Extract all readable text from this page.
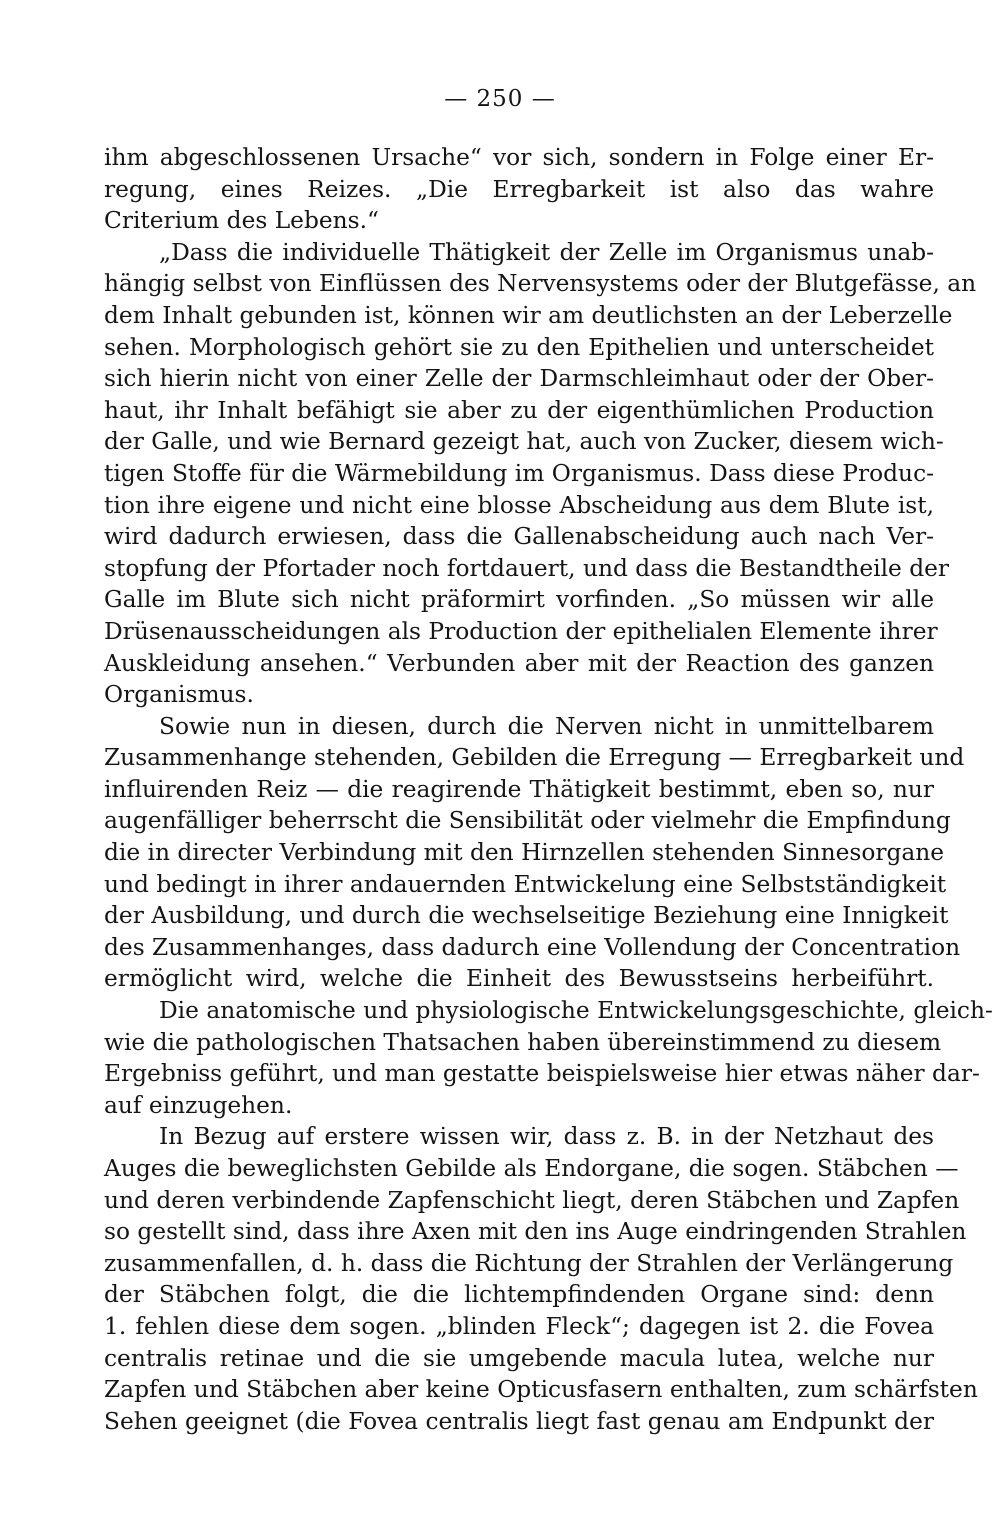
— 250 —
ihm abgeschlossenen Ursache“ vor sich, sondern in Folge einer Er-
regung, eines Reizes. „Die Erregbarkeit ist also das wahre
Criterium des Lebens.“
„Dass die individuelle Thätigkeit der Zelle im Organismus unab-
hängig selbst von Einflüssen des Nervensystems oder der Blutgefässe, an
dem Inhalt gebunden ist, können wir am deutlichsten an der Leberzelle
sehen. Morphologisch gehört sie zu den Epithelien und unterscheidet
sich hierin nicht von einer Zelle der Darmschleimhaut oder der Ober-
haut, ihr Inhalt befähigt sie aber zu der eigenthümlichen Production
der Galle, und wie Bernard gezeigt hat, auch von Zucker, diesem wich-
tigen Stoffe für die Wärmebildung im Organismus. Dass diese Produc-
tion ihre eigene und nicht eine blosse Abscheidung aus dem Blute ist,
wird dadurch erwiesen, dass die Gallenabscheidung auch nach Ver-
stopfung der Pfortader noch fortdauert, und dass die Bestandtheile der
Galle im Blute sich nicht präformirt vorfinden. „So müssen wir alle
Drüsenausscheidungen als Production der epithelialen Elemente ihrer
Auskleidung ansehen.“ Verbunden aber mit der Reaction des ganzen
Organismus.
Sowie nun in diesen, durch die Nerven nicht in unmittelbarem
Zusammenhange stehenden, Gebilden die Erregung — Erregbarkeit und
influirenden Reiz — die reagirende Thätigkeit bestimmt, eben so, nur
augenfälliger beherrscht die Sensibilität oder vielmehr die Empfindung
die in directer Verbindung mit den Hirnzellen stehenden Sinnesorgane
und bedingt in ihrer andauernden Entwickelung eine Selbstständigkeit
der Ausbildung, und durch die wechselseitige Beziehung eine Innigkeit
des Zusammenhanges, dass dadurch eine Vollendung der Concentration
ermöglicht wird, welche die Einheit des Bewusstseins herbeiführt.
Die anatomische und physiologische Entwickelungsgeschichte, gleich-
wie die pathologischen Thatsachen haben übereinstimmend zu diesem
Ergebniss geführt, und man gestatte beispielsweise hier etwas näher dar-
auf einzugehen.
In Bezug auf erstere wissen wir, dass z. B. in der Netzhaut des
Auges die beweglichsten Gebilde als Endorgane, die sogen. Stäbchen —
und deren verbindende Zapfenschicht liegt, deren Stäbchen und Zapfen
so gestellt sind, dass ihre Axen mit den ins Auge eindringenden Strahlen
zusammenfallen, d. h. dass die Richtung der Strahlen der Verlängerung
der Stäbchen folgt, die die lichtempfindenden Organe sind: denn
1. fehlen diese dem sogen. „blinden Fleck“; dagegen ist 2. die Fovea
centralis retinae und die sie umgebende macula lutea, welche nur
Zapfen und Stäbchen aber keine Opticusfasern enthalten, zum schärfsten
Sehen geeignet (die Fovea centralis liegt fast genau am Endpunkt der
